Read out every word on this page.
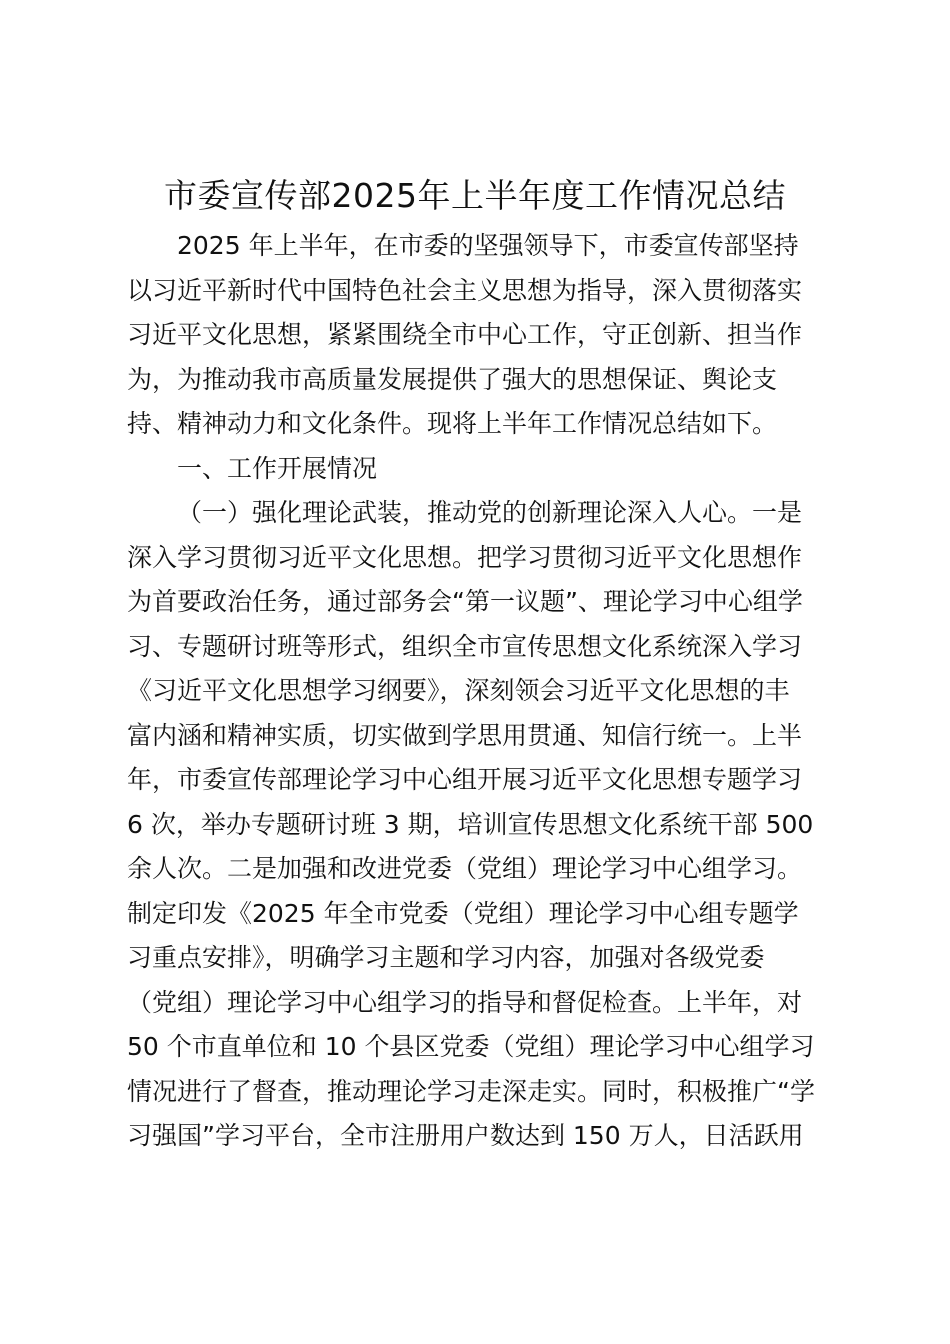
市委宣传部2025年上半年度工作情况总结

2025 年上半年，在市委的坚强领导下，市委宣传部坚持

以习近平新时代中国特色社会主义思想为指导，深入贯彻落实

习近平文化思想，紧紧围绕全市中心工作，守正创新、担当作

为，为推动我市高质量发展提供了强大的思想保证、舆论支

持、精神动力和文化条件。现将上半年工作情况总结如下。

一、工作开展情况

（一）强化理论武装，推动党的创新理论深入人心。一是

深入学习贯彻习近平文化思想。把学习贯彻习近平文化思想作

为首要政治任务，通过部务会“第一议题”、理论学习中心组学

习、专题研讨班等形式，组织全市宣传思想文化系统深入学习

《习近平文化思想学习纲要》，深刻领会习近平文化思想的丰

富内涵和精神实质，切实做到学思用贯通、知信行统一。上半

年，市委宣传部理论学习中心组开展习近平文化思想专题学习

6 次，举办专题研讨班 3 期，培训宣传思想文化系统干部 500

余人次。二是加强和改进党委（党组）理论学习中心组学习。

制定印发《2025 年全市党委（党组）理论学习中心组专题学

习重点安排》，明确学习主题和学习内容，加强对各级党委

（党组）理论学习中心组学习的指导和督促检查。上半年，对

50 个市直单位和 10 个县区党委（党组）理论学习中心组学习

情况进行了督查，推动理论学习走深走实。同时，积极推广“学

习强国”学习平台，全市注册用户数达到 150 万人，日活跃用
